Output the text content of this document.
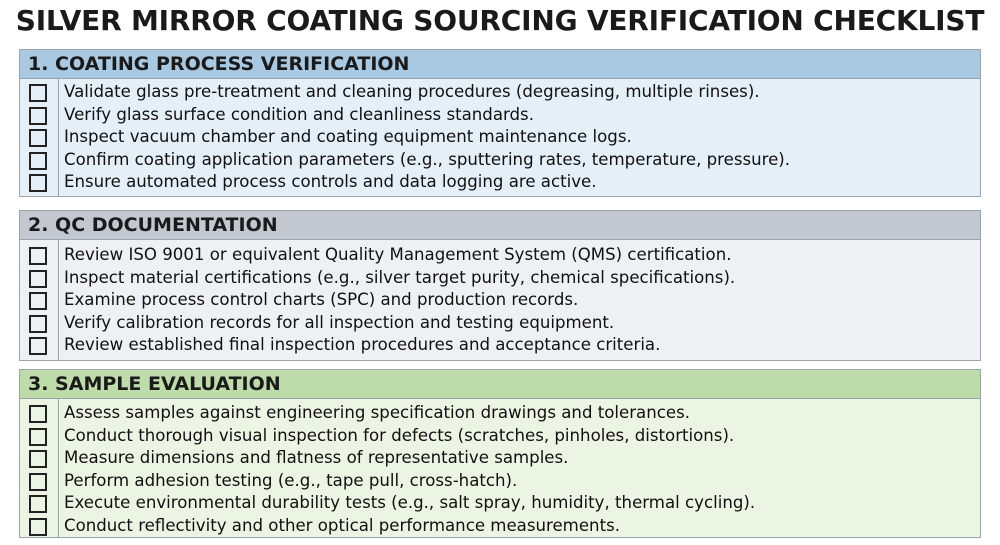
SILVER MIRROR COATING SOURCING VERIFICATION CHECKLIST
1. COATING PROCESS VERIFICATION
Validate glass pre-treatment and cleaning procedures (degreasing, multiple rinses).
Verify glass surface condition and cleanliness standards.
Inspect vacuum chamber and coating equipment maintenance logs.
Confirm coating application parameters (e.g., sputtering rates, temperature, pressure).
Ensure automated process controls and data logging are active.
2. QC DOCUMENTATION
Review ISO 9001 or equivalent Quality Management System (QMS) certification.
Inspect material certifications (e.g., silver target purity, chemical specifications).
Examine process control charts (SPC) and production records.
Verify calibration records for all inspection and testing equipment.
Review established final inspection procedures and acceptance criteria.
3. SAMPLE EVALUATION
Assess samples against engineering specification drawings and tolerances.
Conduct thorough visual inspection for defects (scratches, pinholes, distortions).
Measure dimensions and flatness of representative samples.
Perform adhesion testing (e.g., tape pull, cross-hatch).
Execute environmental durability tests (e.g., salt spray, humidity, thermal cycling).
Conduct reflectivity and other optical performance measurements.
